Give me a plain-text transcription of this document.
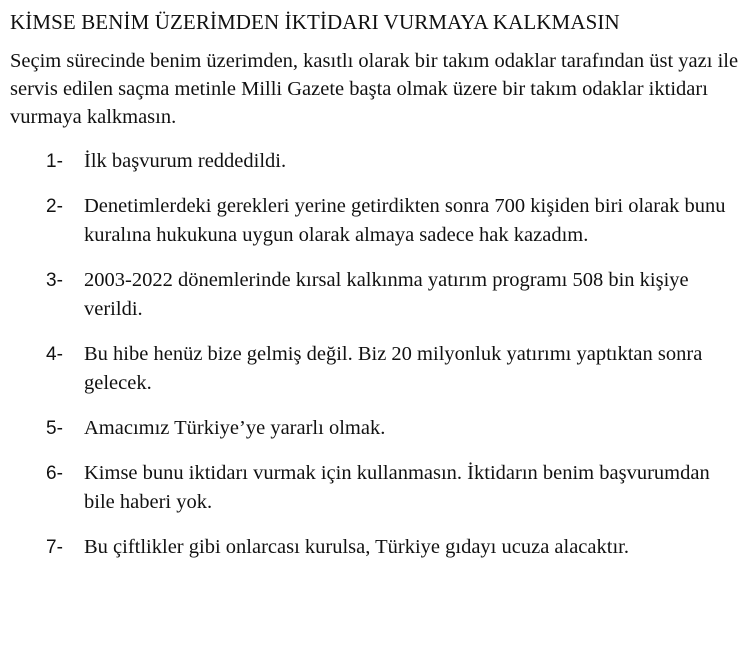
KİMSE BENİM ÜZERİMDEN İKTİDARI VURMAYA KALKMASIN

Seçim sürecinde benim üzerimden, kasıtlı olarak bir takım odaklar tarafından üst yazı ile servis edilen saçma metinle Milli Gazete başta olmak üzere bir takım odaklar iktidarı vurmaya kalkmasın.

1- İlk başvurum reddedildi.
2- Denetimlerdeki gerekleri yerine getirdikten sonra 700 kişiden biri olarak bunu kuralına hukukuna uygun olarak almaya sadece hak kazadım.
3- 2003-2022 dönemlerinde kırsal kalkınma yatırım programı 508 bin kişiye verildi.
4- Bu hibe henüz bize gelmiş değil. Biz 20 milyonluk yatırımı yaptıktan sonra gelecek.
5- Amacımız Türkiye’ye yararlı olmak.
6- Kimse bunu iktidarı vurmak için kullanmasın. İktidarın benim başvurumdan bile haberi yok.
7- Bu çiftlikler gibi onlarcası kurulsa, Türkiye gıdayı ucuza alacaktır.
